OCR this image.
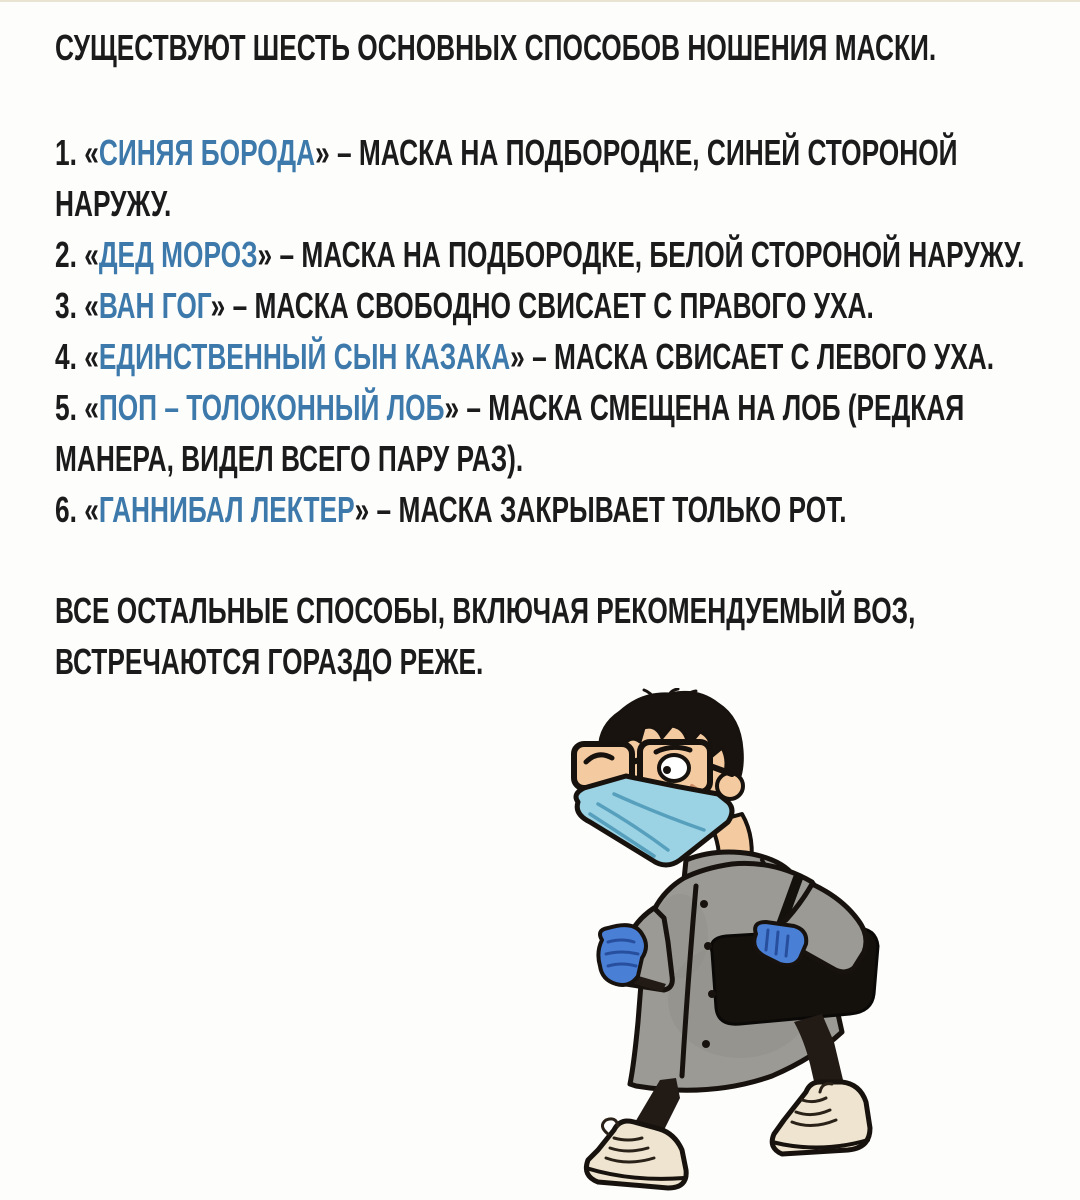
СУЩЕСТВУЮТ ШЕСТЬ ОСНОВНЫХ СПОСОБОВ НОШЕНИЯ МАСКИ.
1. «СИНЯЯ БОРОДА» – МАСКА НА ПОДБОРОДКЕ, СИНЕЙ СТОРОНОЙ НАРУЖУ.
2. «ДЕД МОРОЗ» – МАСКА НА ПОДБОРОДКЕ, БЕЛОЙ СТОРОНОЙ НАРУЖУ.
3. «ВАН ГОГ» – МАСКА СВОБОДНО СВИСАЕТ С ПРАВОГО УХА.
4. «ЕДИНСТВЕННЫЙ СЫН КАЗАКА» – МАСКА СВИСАЕТ С ЛЕВОГО УХА.
5. «ПОП – ТОЛОКОННЫЙ ЛОБ» – МАСКА СМЕЩЕНА НА ЛОБ (РЕДКАЯ МАНЕРА, ВИДЕЛ ВСЕГО ПАРУ РАЗ).
6. «ГАННИБАЛ ЛЕКТЕР» – МАСКА ЗАКРЫВАЕТ ТОЛЬКО РОТ.
ВСЕ ОСТАЛЬНЫЕ СПОСОБЫ, ВКЛЮЧАЯ РЕКОМЕНДУЕМЫЙ ВОЗ, ВСТРЕЧАЮТСЯ ГОРАЗДО РЕЖЕ.
